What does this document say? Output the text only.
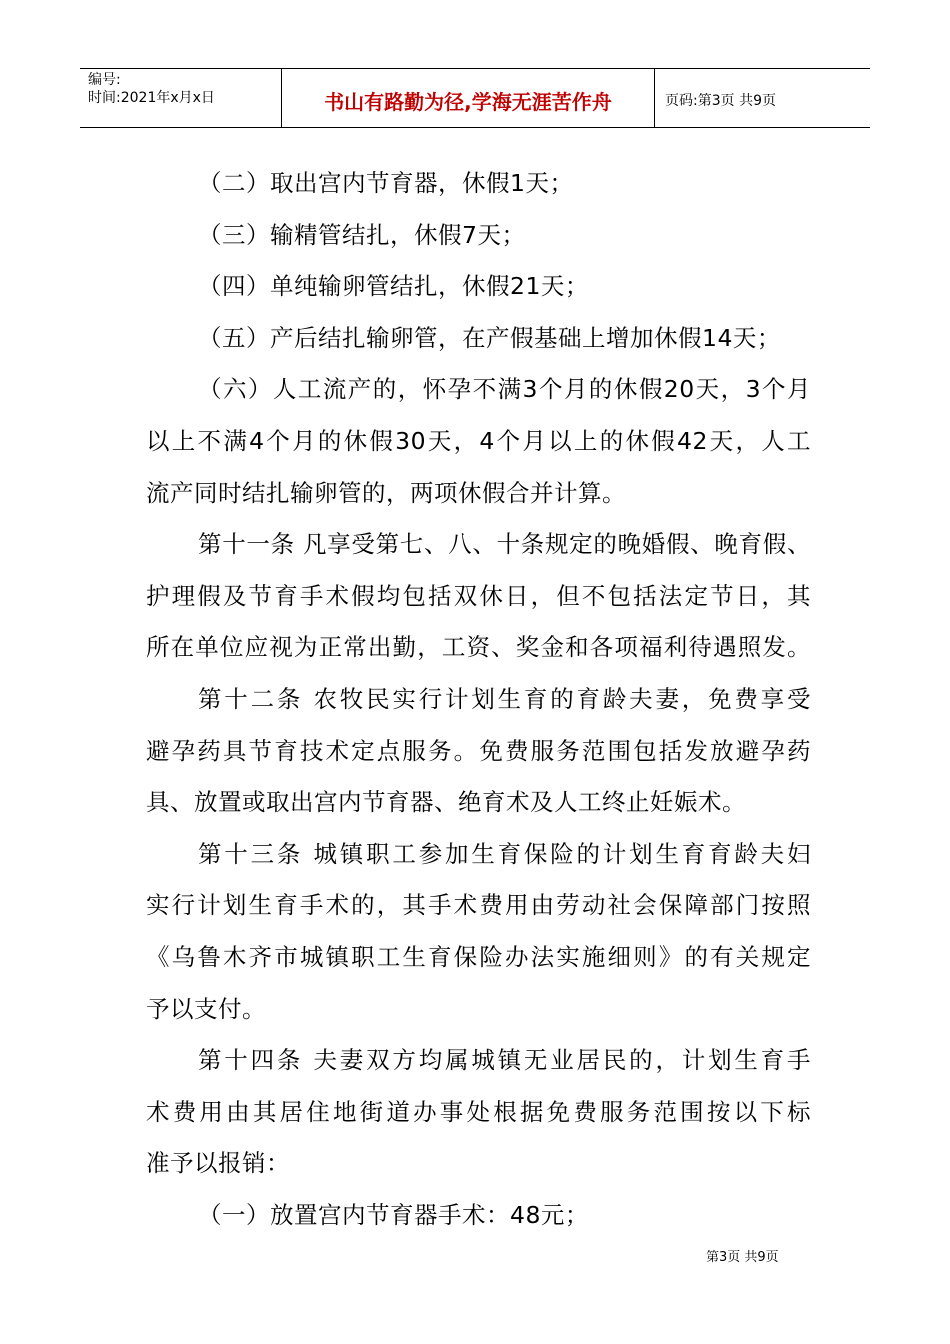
编号:
时间:2021年x月x日	书山有路勤为径,学海无涯苦作舟	页码:第3页 共9页
（二）取出宫内节育器，休假1天；
（三）输精管结扎，休假7天；
（四）单纯输卵管结扎，休假21天；
（五）产后结扎输卵管，在产假基础上增加休假14天；
（六）人工流产的，怀孕不满3个月的休假20天，3个月
以上不满4个月的休假30天，4个月以上的休假42天，人工
流产同时结扎输卵管的，两项休假合并计算。
第十一条 凡享受第七、八、十条规定的晚婚假、晚育假、
护理假及节育手术假均包括双休日，但不包括法定节日，其
所在单位应视为正常出勤，工资、奖金和各项福利待遇照发。
第十二条 农牧民实行计划生育的育龄夫妻，免费享受
避孕药具节育技术定点服务。免费服务范围包括发放避孕药
具、放置或取出宫内节育器、绝育术及人工终止妊娠术。
第十三条 城镇职工参加生育保险的计划生育育龄夫妇
实行计划生育手术的，其手术费用由劳动社会保障部门按照
《乌鲁木齐市城镇职工生育保险办法实施细则》的有关规定
予以支付。
第十四条 夫妻双方均属城镇无业居民的，计划生育手
术费用由其居住地街道办事处根据免费服务范围按以下标
准予以报销：
（一）放置宫内节育器手术：48元；
第3页 共9页
